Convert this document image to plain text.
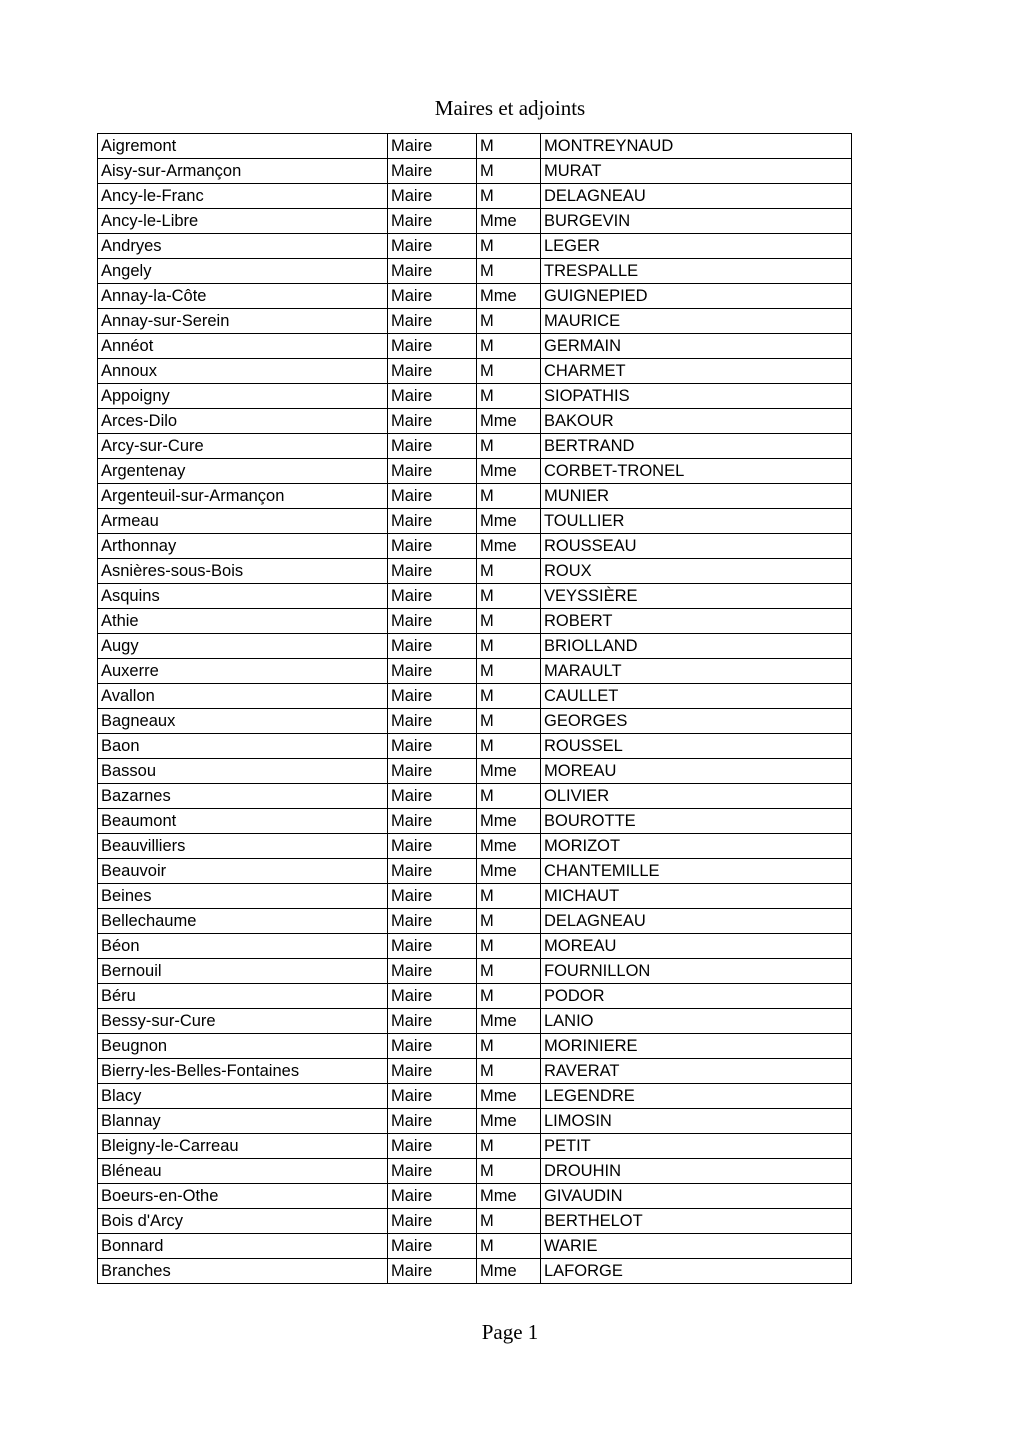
Maires et adjoints
Aigremont	Maire	M	MONTREYNAUD
Aisy-sur-Armançon	Maire	M	MURAT
Ancy-le-Franc	Maire	M	DELAGNEAU
Ancy-le-Libre	Maire	Mme	BURGEVIN
Andryes	Maire	M	LEGER
Angely	Maire	M	TRESPALLE
Annay-la-Côte	Maire	Mme	GUIGNEPIED
Annay-sur-Serein	Maire	M	MAURICE
Annéot	Maire	M	GERMAIN
Annoux	Maire	M	CHARMET
Appoigny	Maire	M	SIOPATHIS
Arces-Dilo	Maire	Mme	BAKOUR
Arcy-sur-Cure	Maire	M	BERTRAND
Argentenay	Maire	Mme	CORBET-TRONEL
Argenteuil-sur-Armançon	Maire	M	MUNIER
Armeau	Maire	Mme	TOULLIER
Arthonnay	Maire	Mme	ROUSSEAU
Asnières-sous-Bois	Maire	M	ROUX
Asquins	Maire	M	VEYSSIÈRE
Athie	Maire	M	ROBERT
Augy	Maire	M	BRIOLLAND
Auxerre	Maire	M	MARAULT
Avallon	Maire	M	CAULLET
Bagneaux	Maire	M	GEORGES
Baon	Maire	M	ROUSSEL
Bassou	Maire	Mme	MOREAU
Bazarnes	Maire	M	OLIVIER
Beaumont	Maire	Mme	BOUROTTE
Beauvilliers	Maire	Mme	MORIZOT
Beauvoir	Maire	Mme	CHANTEMILLE
Beines	Maire	M	MICHAUT
Bellechaume	Maire	M	DELAGNEAU
Béon	Maire	M	MOREAU
Bernouil	Maire	M	FOURNILLON
Béru	Maire	M	PODOR
Bessy-sur-Cure	Maire	Mme	LANIO
Beugnon	Maire	M	MORINIERE
Bierry-les-Belles-Fontaines	Maire	M	RAVERAT
Blacy	Maire	Mme	LEGENDRE
Blannay	Maire	Mme	LIMOSIN
Bleigny-le-Carreau	Maire	M	PETIT
Bléneau	Maire	M	DROUHIN
Boeurs-en-Othe	Maire	Mme	GIVAUDIN
Bois d'Arcy	Maire	M	BERTHELOT
Bonnard	Maire	M	WARIE
Branches	Maire	Mme	LAFORGE
Page 1
